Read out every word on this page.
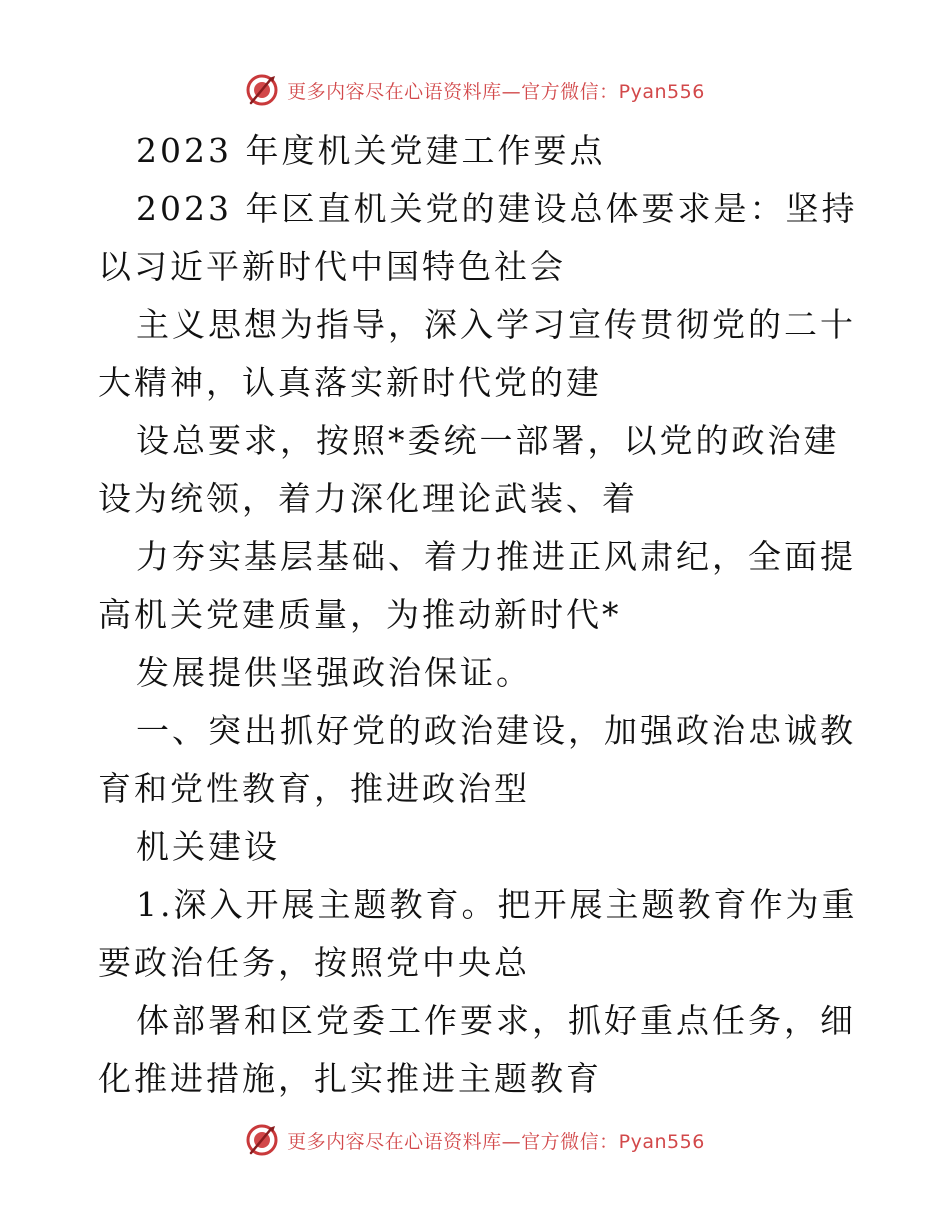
更多内容尽在心语资料库—官方微信：Pyan556

2023 年度机关党建工作要点

2023 年区直机关党的建设总体要求是：坚持以习近平新时代中国特色社会

主义思想为指导，深入学习宣传贯彻党的二十大精神，认真落实新时代党的建

设总要求，按照*委统一部署，以党的政治建设为统领，着力深化理论武装、着

力夯实基层基础、着力推进正风肃纪，全面提高机关党建质量，为推动新时代*

发展提供坚强政治保证。

一、突出抓好党的政治建设，加强政治忠诚教育和党性教育，推进政治型

机关建设

1.深入开展主题教育。把开展主题教育作为重要政治任务，按照党中央总

体部署和区党委工作要求，抓好重点任务，细化推进措施，扎实推进主题教育

更多内容尽在心语资料库—官方微信：Pyan556
